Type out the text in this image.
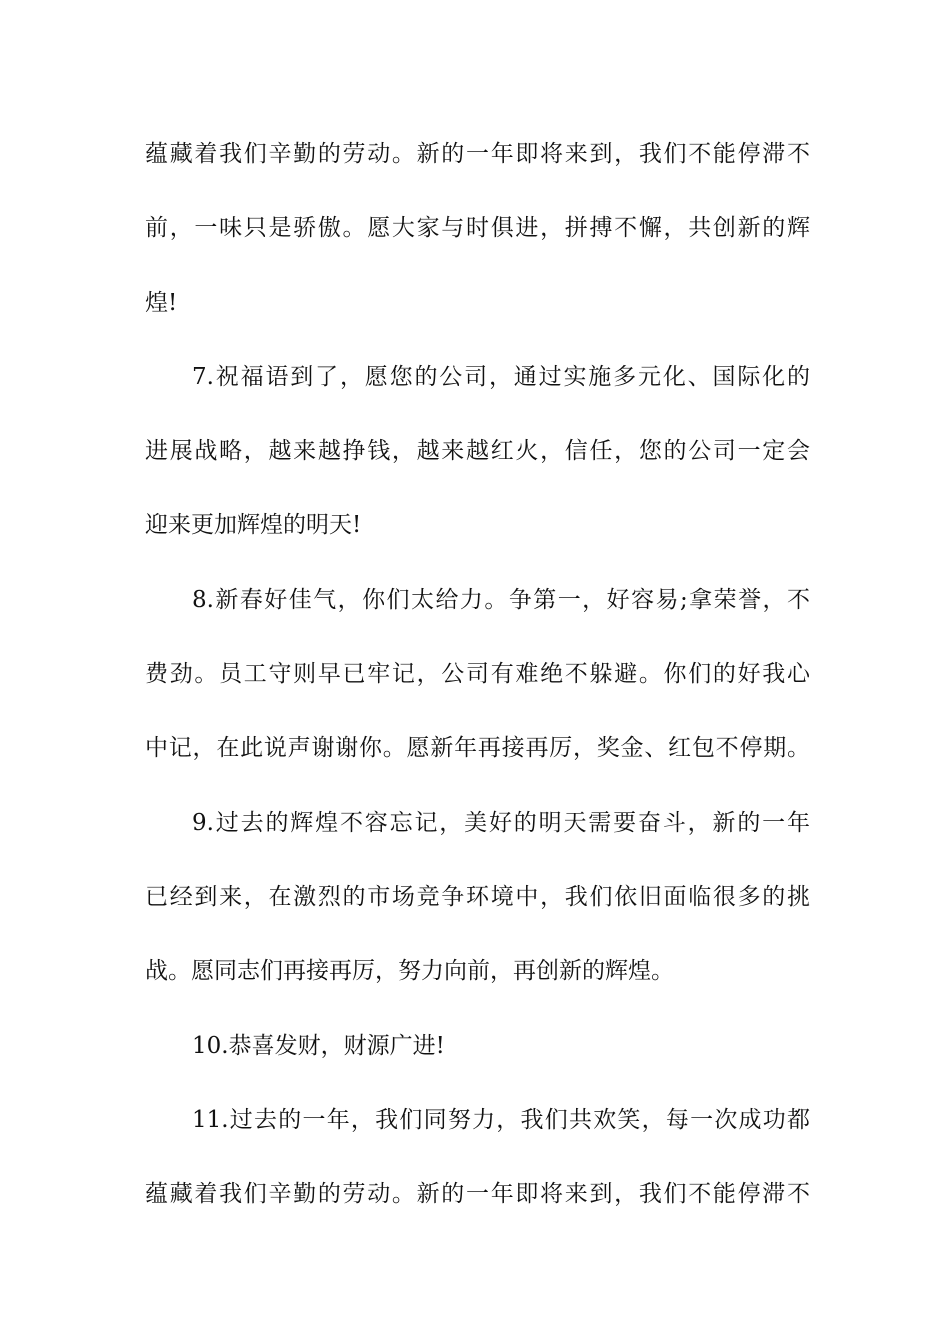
蕴藏着我们辛勤的劳动。新的一年即将来到，我们不能停滞不
前，一味只是骄傲。愿大家与时俱进，拼搏不懈，共创新的辉
煌!
7.祝福语到了，愿您的公司，通过实施多元化、国际化的
进展战略，越来越挣钱，越来越红火，信任，您的公司一定会
迎来更加辉煌的明天!
8.新春好佳气，你们太给力。争第一，好容易;拿荣誉，不
费劲。员工守则早已牢记，公司有难绝不躲避。你们的好我心
中记，在此说声谢谢你。愿新年再接再厉，奖金、红包不停期。
9.过去的辉煌不容忘记，美好的明天需要奋斗，新的一年
已经到来，在激烈的市场竞争环境中，我们依旧面临很多的挑
战。愿同志们再接再厉，努力向前，再创新的辉煌。
10.恭喜发财，财源广进!
11.过去的一年，我们同努力，我们共欢笑，每一次成功都
蕴藏着我们辛勤的劳动。新的一年即将来到，我们不能停滞不
